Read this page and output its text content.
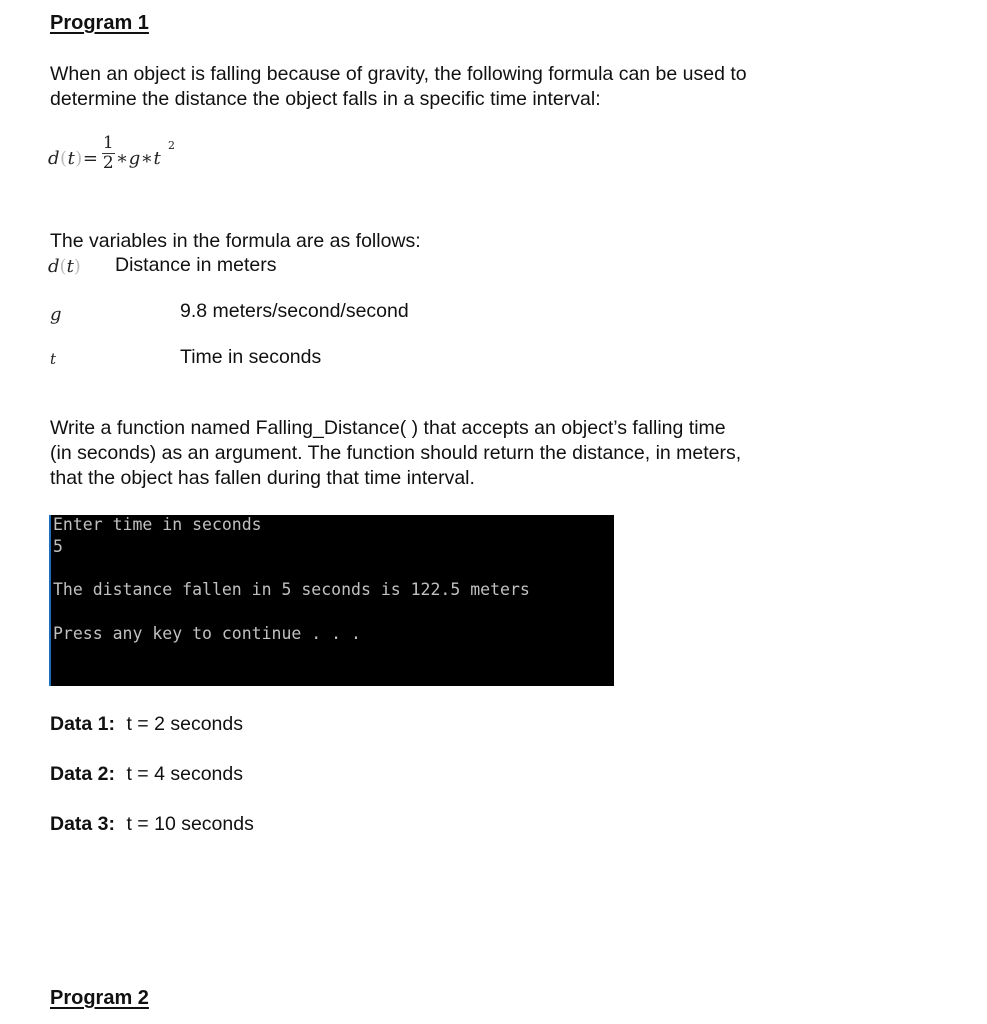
Program 1
When an object is falling because of gravity, the following formula can be used to
determine the distance the object falls in a specific time interval:
$d(t)= \frac{1}{2}$ ∗g∗t
2
The variables in the formula are as follows:
d(t) Distance in meters
g	9.8 meters/second/second
t	Time in seconds
Write a function named Falling_Distance( ) that accepts an object’s falling time
(in seconds) as an argument. The function should return the distance, in meters,
that the object has fallen during that time interval.
Enter time in seconds
5
The distance fallen in 5 seconds is 122.5 meters
Press any key to continue . . .
Data 1: t = 2 seconds
Data 2: t = 4 seconds
Data 3: t = 10 seconds
Program 2
